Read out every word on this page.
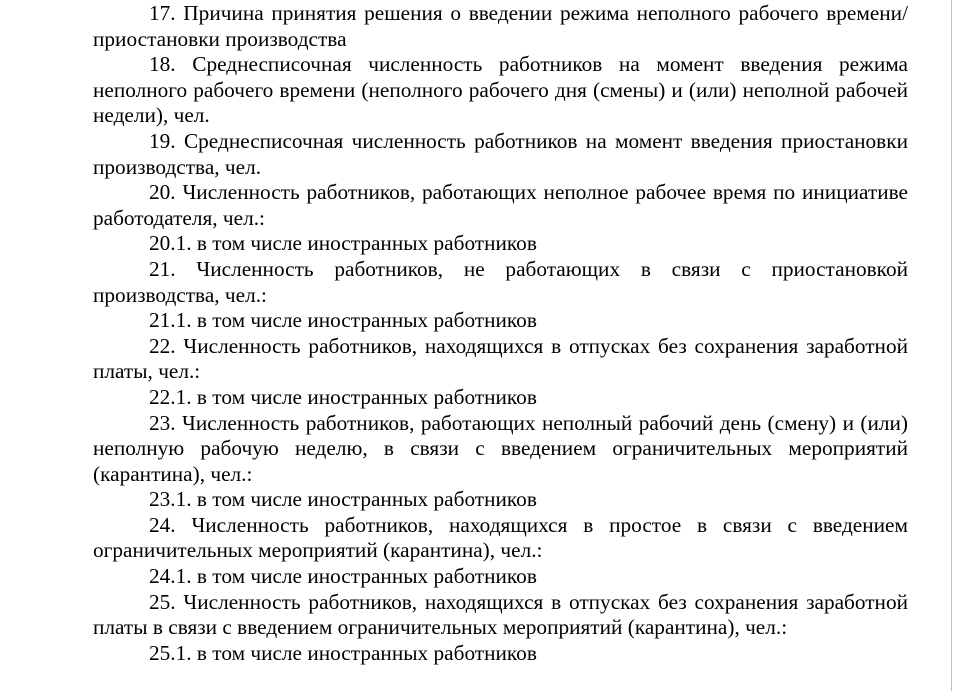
17. Причина принятия решения о введении режима неполного рабочего времени/приостановки производства

18. Среднесписочная численность работников на момент введения режима неполного рабочего времени (неполного рабочего дня (смены) и (или) неполной рабочей недели), чел.

19. Среднесписочная численность работников на момент введения приостановки производства, чел.

20. Численность работников, работающих неполное рабочее время по инициативе работодателя, чел.:

20.1. в том числе иностранных работников

21. Численность работников, не работающих в связи с приостановкой производства, чел.:

21.1. в том числе иностранных работников

22. Численность работников, находящихся в отпусках без сохранения заработной платы, чел.:

22.1. в том числе иностранных работников

23. Численность работников, работающих неполный рабочий день (смену) и (или) неполную рабочую неделю, в связи с введением ограничительных мероприятий (карантина), чел.:

23.1. в том числе иностранных работников

24. Численность работников, находящихся в простое в связи с введением ограничительных мероприятий (карантина), чел.:

24.1. в том числе иностранных работников

25. Численность работников, находящихся в отпусках без сохранения заработной платы в связи с введением ограничительных мероприятий (карантина), чел.:

25.1. в том числе иностранных работников
